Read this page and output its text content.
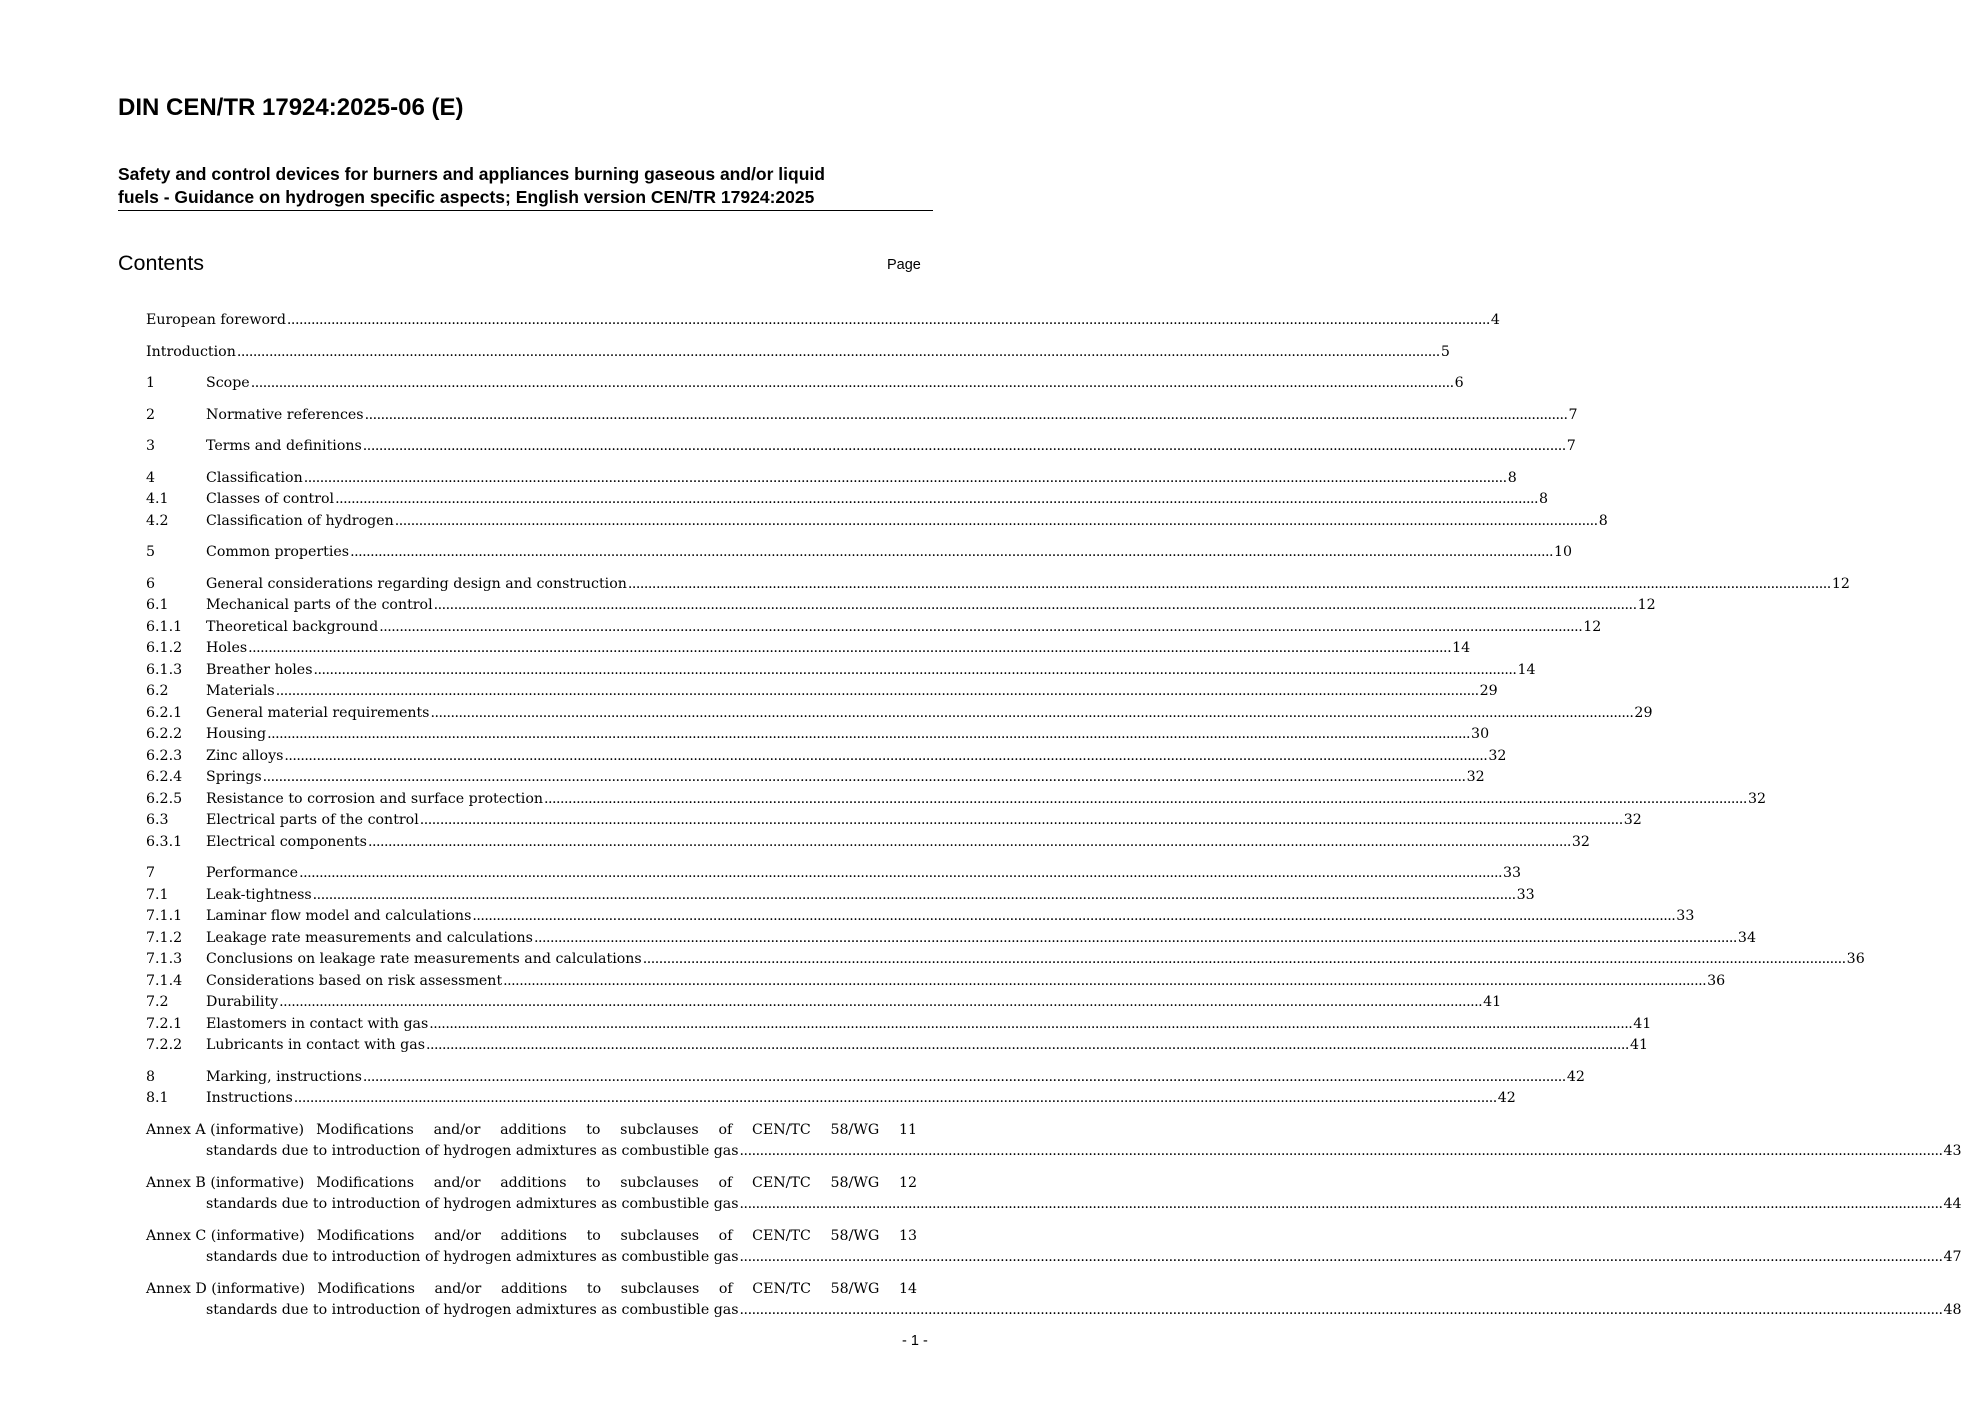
DIN CEN/TR 17924:2025-06 (E)
Safety and control devices for burners and appliances burning gaseous and/or liquid
fuels - Guidance on hydrogen specific aspects; English version CEN/TR 17924:2025
Contents	Page
European foreword ............................................................................................................................................................................................................................................................................................................ 4
Introduction ............................................................................................................................................................................................................................................................................................................ 5
1	Scope ............................................................................................................................................................................................................................................................................................................ 6
2	Normative references ............................................................................................................................................................................................................................................................................................................ 7
3	Terms and definitions ............................................................................................................................................................................................................................................................................................................ 7
4	Classification ............................................................................................................................................................................................................................................................................................................ 8
4.1	Classes of control ............................................................................................................................................................................................................................................................................................................ 8
4.2	Classification of hydrogen ............................................................................................................................................................................................................................................................................................................ 8
5	Common properties ............................................................................................................................................................................................................................................................................................................ 10
6	General considerations regarding design and construction ............................................................................................................................................................................................................................................................................................................ 12
6.1	Mechanical parts of the control ............................................................................................................................................................................................................................................................................................................ 12
6.1.1	Theoretical background ............................................................................................................................................................................................................................................................................................................ 12
6.1.2	Holes ............................................................................................................................................................................................................................................................................................................ 14
6.1.3	Breather holes ............................................................................................................................................................................................................................................................................................................ 14
6.2	Materials ............................................................................................................................................................................................................................................................................................................ 29
6.2.1	General material requirements ............................................................................................................................................................................................................................................................................................................ 29
6.2.2	Housing ............................................................................................................................................................................................................................................................................................................ 30
6.2.3	Zinc alloys ............................................................................................................................................................................................................................................................................................................ 32
6.2.4	Springs ............................................................................................................................................................................................................................................................................................................ 32
6.2.5	Resistance to corrosion and surface protection ............................................................................................................................................................................................................................................................................................................ 32
6.3	Electrical parts of the control ............................................................................................................................................................................................................................................................................................................ 32
6.3.1	Electrical components ............................................................................................................................................................................................................................................................................................................ 32
7	Performance ............................................................................................................................................................................................................................................................................................................ 33
7.1	Leak-tightness ............................................................................................................................................................................................................................................................................................................ 33
7.1.1	Laminar flow model and calculations ............................................................................................................................................................................................................................................................................................................ 33
7.1.2	Leakage rate measurements and calculations ............................................................................................................................................................................................................................................................................................................ 34
7.1.3	Conclusions on leakage rate measurements and calculations ............................................................................................................................................................................................................................................................................................................ 36
7.1.4	Considerations based on risk assessment ............................................................................................................................................................................................................................................................................................................ 36
7.2	Durability ............................................................................................................................................................................................................................................................................................................ 41
7.2.1	Elastomers in contact with gas ............................................................................................................................................................................................................................................................................................................ 41
7.2.2	Lubricants in contact with gas ............................................................................................................................................................................................................................................................................................................ 41
8	Marking, instructions ............................................................................................................................................................................................................................................................................................................ 42
8.1	Instructions ............................................................................................................................................................................................................................................................................................................ 42
Annex A (informative) Modifications and/or additions to subclauses of CEN/TC 58/WG 11
standards due to introduction of hydrogen admixtures as combustible gas ............................................................................................................................................................................................................................................................................................................ 43
Annex B (informative) Modifications and/or additions to subclauses of CEN/TC 58/WG 12
standards due to introduction of hydrogen admixtures as combustible gas ............................................................................................................................................................................................................................................................................................................ 44
Annex C (informative) Modifications and/or additions to subclauses of CEN/TC 58/WG 13
standards due to introduction of hydrogen admixtures as combustible gas ............................................................................................................................................................................................................................................................................................................ 47
Annex D (informative) Modifications and/or additions to subclauses of CEN/TC 58/WG 14
standards due to introduction of hydrogen admixtures as combustible gas ............................................................................................................................................................................................................................................................................................................ 48
- 1 -
